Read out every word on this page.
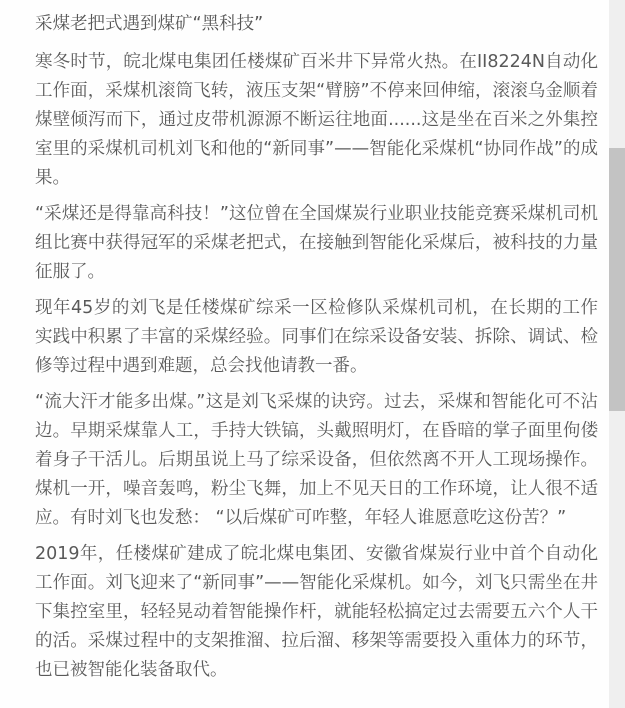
采煤老把式遇到煤矿“黑科技”

寒冬时节，皖北煤电集团任楼煤矿百米井下异常火热。在II8224N自动化工作面，采煤机滚筒飞转，液压支架“臂膀”不停来回伸缩，滚滚乌金顺着煤壁倾泻而下，通过皮带机源源不断运往地面......这是坐在百米之外集控室里的采煤机司机刘飞和他的“新同事”——智能化采煤机“协同作战”的成果。

“采煤还是得靠高科技！”这位曾在全国煤炭行业职业技能竞赛采煤机司机组比赛中获得冠军的采煤老把式，在接触到智能化采煤后，被科技的力量征服了。

现年45岁的刘飞是任楼煤矿综采一区检修队采煤机司机，在长期的工作实践中积累了丰富的采煤经验。同事们在综采设备安装、拆除、调试、检修等过程中遇到难题，总会找他请教一番。

“流大汗才能多出煤。”这是刘飞采煤的诀窍。过去，采煤和智能化可不沾边。早期采煤靠人工，手持大铁镐，头戴照明灯，在昏暗的掌子面里佝偻着身子干活儿。后期虽说上马了综采设备，但依然离不开人工现场操作。煤机一开，噪音轰鸣，粉尘飞舞，加上不见天日的工作环境，让人很不适应。有时刘飞也发愁： “以后煤矿可咋整，年轻人谁愿意吃这份苦？”

2019年，任楼煤矿建成了皖北煤电集团、安徽省煤炭行业中首个自动化工作面。刘飞迎来了“新同事”——智能化采煤机。如今，刘飞只需坐在井下集控室里，轻轻晃动着智能操作杆，就能轻松搞定过去需要五六个人干的活。采煤过程中的支架推溜、拉后溜、移架等需要投入重体力的环节，也已被智能化装备取代。
